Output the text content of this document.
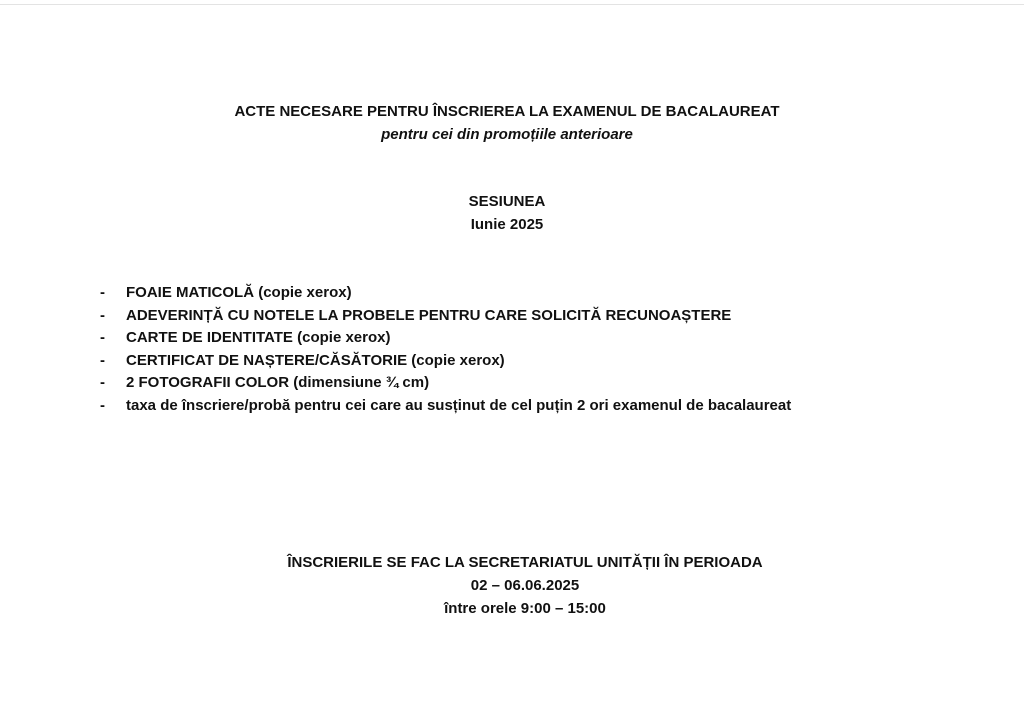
ACTE NECESARE PENTRU ÎNSCRIEREA LA EXAMENUL DE BACALAUREAT
pentru cei din promoțiile anterioare
SESIUNEA
Iunie 2025
- FOAIE MATICOLĂ (copie xerox)
- ADEVERINȚĂ CU NOTELE LA PROBELE PENTRU CARE SOLICITĂ RECUNOAȘTERE
- CARTE DE IDENTITATE (copie xerox)
- CERTIFICAT DE NAȘTERE/CĂSĂTORIE (copie xerox)
- 2 FOTOGRAFII COLOR (dimensiune ¾ cm)
- taxa de înscriere/probă pentru cei care au susținut de cel puțin 2 ori examenul de bacalaureat
ÎNSCRIERILE SE FAC LA SECRETARIATUL UNITĂȚII ÎN PERIOADA
02 – 06.06.2025
între orele 9:00 – 15:00
